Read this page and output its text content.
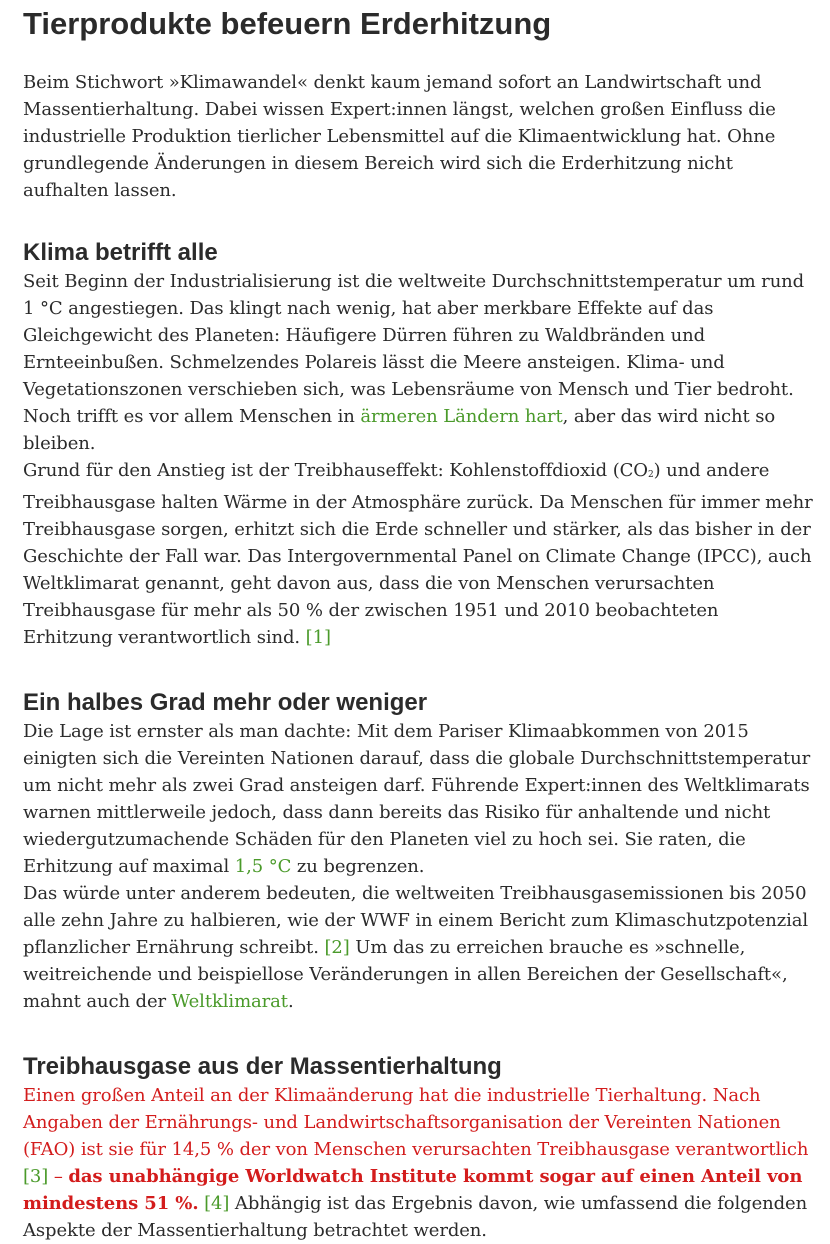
Tierprodukte befeuern Erderhitzung

Beim Stichwort »Klimawandel« denkt kaum jemand sofort an Landwirtschaft und Massentierhaltung. Dabei wissen Expert:innen längst, welchen großen Einfluss die industrielle Produktion tierlicher Lebensmittel auf die Klimaentwicklung hat. Ohne grundlegende Änderungen in diesem Bereich wird sich die Erderhitzung nicht aufhalten lassen.

Klima betrifft alle

Seit Beginn der Industrialisierung ist die weltweite Durchschnittstemperatur um rund 1 °C angestiegen. Das klingt nach wenig, hat aber merkbare Effekte auf das Gleichgewicht des Planeten: Häufigere Dürren führen zu Waldbränden und Ernteeinbußen. Schmelzendes Polareis lässt die Meere ansteigen. Klima- und Vegetationszonen verschieben sich, was Lebensräume von Mensch und Tier bedroht. Noch trifft es vor allem Menschen in ärmeren Ländern hart, aber das wird nicht so bleiben.

Grund für den Anstieg ist der Treibhauseffekt: Kohlenstoffdioxid $(CO_2)$ und andere Treibhausgase halten Wärme in der Atmosphäre zurück. Da Menschen für immer mehr Treibhausgase sorgen, erhitzt sich die Erde schneller und stärker, als das bisher in der Geschichte der Fall war. Das Intergovernmental Panel on Climate Change (IPCC), auch Weltklimarat genannt, geht davon aus, dass die von Menschen verursachten Treibhausgase für mehr als 50 % der zwischen 1951 und 2010 beobachteten Erhitzung verantwortlich sind. [1]

Ein halbes Grad mehr oder weniger

Die Lage ist ernster als man dachte: Mit dem Pariser Klimaabkommen von 2015 einigten sich die Vereinten Nationen darauf, dass die globale Durchschnittstemperatur um nicht mehr als zwei Grad ansteigen darf. Führende Expert:innen des Weltklimarats warnen mittlerweile jedoch, dass dann bereits das Risiko für anhaltende und nicht wiedergutzumachende Schäden für den Planeten viel zu hoch sei. Sie raten, die Erhitzung auf maximal 1,5 °C zu begrenzen.

Das würde unter anderem bedeuten, die weltweiten Treibhausgasemissionen bis 2050 alle zehn Jahre zu halbieren, wie der WWF in einem Bericht zum Klimaschutzpotenzial pflanzlicher Ernährung schreibt. [2] Um das zu erreichen brauche es »schnelle, weitreichende und beispiellose Veränderungen in allen Bereichen der Gesellschaft«, mahnt auch der Weltklimarat.

Treibhausgase aus der Massentierhaltung

Einen großen Anteil an der Klimaänderung hat die industrielle Tierhaltung. Nach Angaben der Ernährungs- und Landwirtschaftsorganisation der Vereinten Nationen (FAO) ist sie für 14,5 % der von Menschen verursachten Treibhausgase verantwortlich [3] – das unabhängige Worldwatch Institute kommt sogar auf einen Anteil von mindestens 51 %. [4] Abhängig ist das Ergebnis davon, wie umfassend die folgenden Aspekte der Massentierhaltung betrachtet werden.
